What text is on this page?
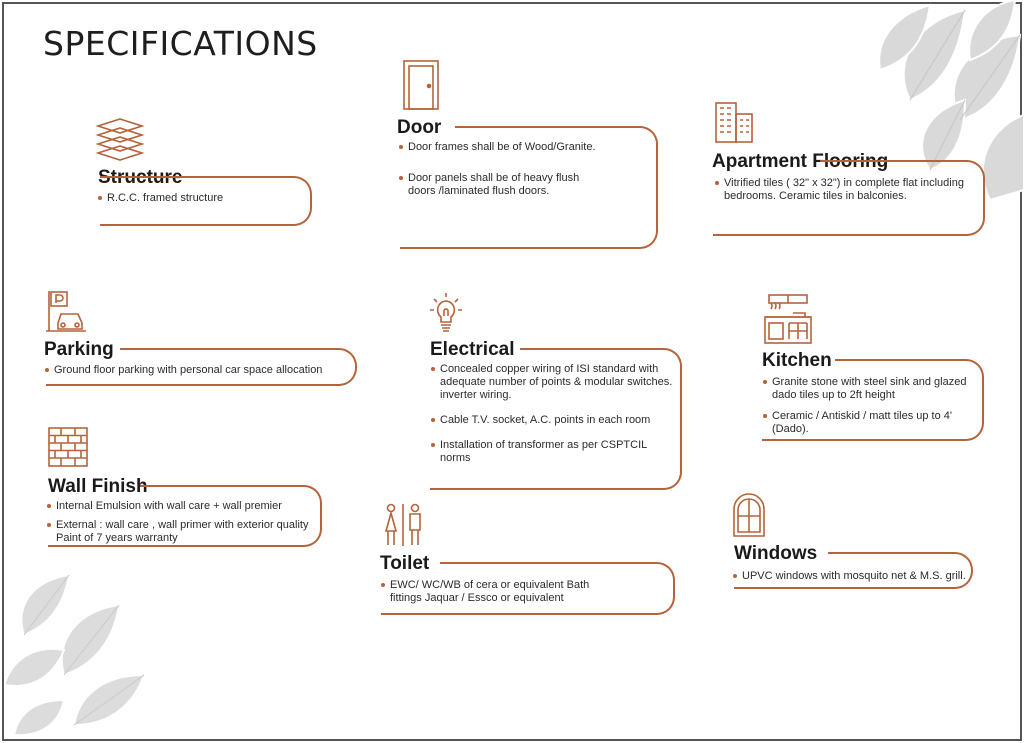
SPECIFICATIONS
Structure
R.C.C. framed structure
Door
Door frames shall be of Wood/Granite.
Door panels shall be of heavy flush doors /laminated flush doors.
Apartment Flooring
Vitrified tiles ( 32" x 32") in complete flat including bedrooms. Ceramic tiles in balconies.
Parking
Ground floor parking with personal car space allocation
Electrical
Concealed copper wiring of ISI standard with adequate number of points & modular switches. inverter wiring.
Cable T.V. socket, A.C. points in each room
Installation of transformer as per CSPTCIL norms
Kitchen
Granite stone with steel sink and glazed dado tiles up to 2ft height
Ceramic / Antiskid / matt tiles up to 4' (Dado).
Wall Finish
Internal Emulsion with wall care + wall premier
External : wall care , wall primer with exterior quality Paint of 7 years warranty
Toilet
EWC/ WC/WB of cera or equivalent Bath fittings Jaquar / Essco or equivalent
Windows
UPVC windows with mosquito net & M.S. grill.
